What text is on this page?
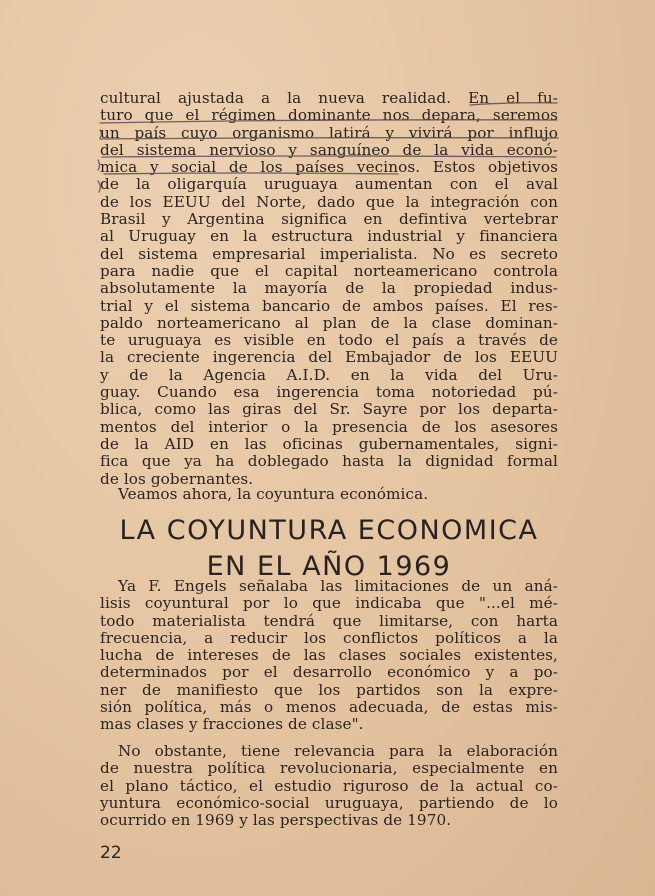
cultural ajustada a la nueva realidad. En el fu-
turo que el régimen dominante nos depara, seremos
un país cuyo organismo latirá y vivirá por influjo
del sistema nervioso y sanguíneo de la vida econó-
mica y social de los países vecinos. Estos objetivos
de la oligarquía uruguaya aumentan con el aval
de los EEUU del Norte, dado que la integración con
Brasil y Argentina significa en defintiva vertebrar
al Uruguay en la estructura industrial y financiera
del sistema empresarial imperialista. No es secreto
para nadie que el capital norteamericano controla
absolutamente la mayoría de la propiedad indus-
trial y el sistema bancario de ambos países. El res-
paldo norteamericano al plan de la clase dominan-
te uruguaya es visible en todo el país a través de
la creciente ingerencia del Embajador de los EEUU
y de la Agencia A.I.D. en la vida del Uru-
guay. Cuando esa ingerencia toma notoriedad pú-
blica, como las giras del Sr. Sayre por los departa-
mentos del interior o la presencia de los asesores
de la AID en las oficinas gubernamentales, signi-
fica que ya ha doblegado hasta la dignidad formal
de los gobernantes.
Veamos ahora, la coyuntura económica.
LA COYUNTURA ECONOMICA
EN EL AÑO 1969
Ya F. Engels señalaba las limitaciones de un aná-
lisis coyuntural por lo que indicaba que "...el mé-
todo materialista tendrá que limitarse, con harta
frecuencia, a reducir los conflictos políticos a la
lucha de intereses de las clases sociales existentes,
determinados por el desarrollo económico y a po-
ner de manifiesto que los partidos son la expre-
sión política, más o menos adecuada, de estas mis-
mas clases y fracciones de clase".
No obstante, tiene relevancia para la elaboración
de nuestra política revolucionaria, especialmente en
el plano táctico, el estudio riguroso de la actual co-
yuntura económico-social uruguaya, partiendo de lo
ocurrido en 1969 y las perspectivas de 1970.
22
